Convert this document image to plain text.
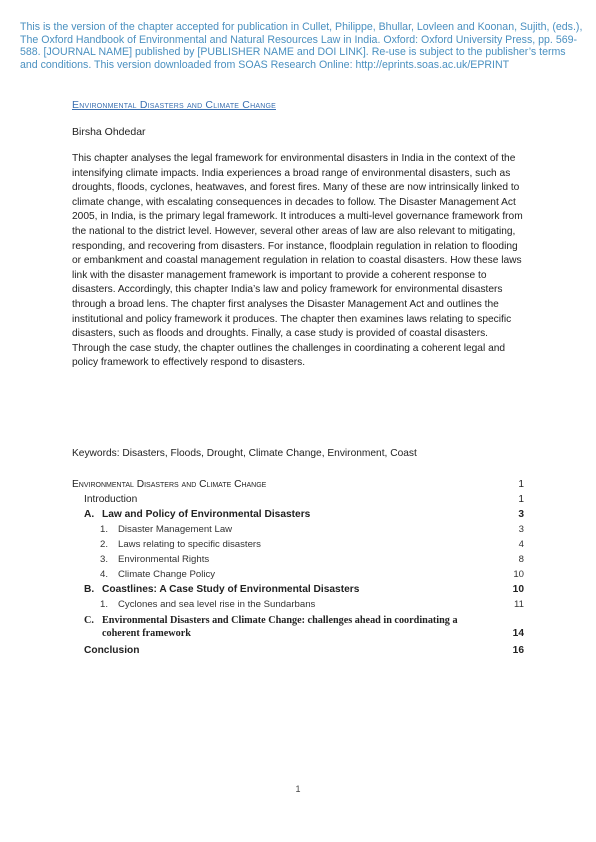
This is the version of the chapter accepted for publication in Cullet, Philippe, Bhullar, Lovleen and Koonan, Sujith, (eds.), The Oxford Handbook of Environmental and Natural Resources Law in India. Oxford: Oxford University Press, pp. 569-588. [JOURNAL NAME] published by [PUBLISHER NAME and DOI LINK]. Re-use is subject to the publisher’s terms and conditions. This version downloaded from SOAS Research Online: http://eprints.soas.ac.uk/EPRINT
Environmental Disasters and Climate Change
Birsha Ohdedar

This chapter analyses the legal framework for environmental disasters in India in the context of the intensifying climate impacts. India experiences a broad range of environmental disasters, such as droughts, floods, cyclones, heatwaves, and forest fires. Many of these are now intrinsically linked to climate change, with escalating consequences in decades to follow. The Disaster Management Act 2005, in India, is the primary legal framework. It introduces a multi-level governance framework from the national to the district level. However, several other areas of law are also relevant to mitigating, responding, and recovering from disasters. For instance, floodplain regulation in relation to flooding or embankment and coastal management regulation in relation to coastal disasters. How these laws link with the disaster management framework is important to provide a coherent response to disasters. Accordingly, this chapter India’s law and policy framework for environmental disasters through a broad lens. The chapter first analyses the Disaster Management Act and outlines the institutional and policy framework it produces. The chapter then examines laws relating to specific disasters, such as floods and droughts. Finally, a case study is provided of coastal disasters. Through the case study, the chapter outlines the challenges in coordinating a coherent legal and policy framework to effectively respond to disasters.

Keywords: Disasters, Floods, Drought, Climate Change, Environment, Coast
Environmental Disasters and Climate Change	1
Introduction	1
A. Law and Policy of Environmental Disasters	3
1. Disaster Management Law	3
2. Laws relating to specific disasters	4
3. Environmental Rights	8
4. Climate Change Policy	10
B. Coastlines: A Case Study of Environmental Disasters	10
1. Cyclones and sea level rise in the Sundarbans	11
C. Environmental Disasters and Climate Change: challenges ahead in coordinating a coherent framework	14
Conclusion	16
1
